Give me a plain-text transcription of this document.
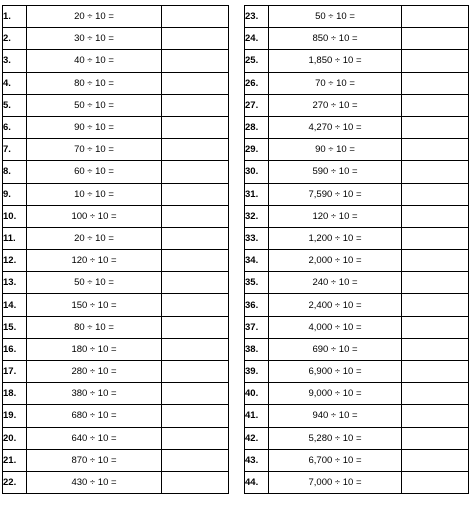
1.	20 ÷ 10 =	
2.	30 ÷ 10 =	
3.	40 ÷ 10 =	
4.	80 ÷ 10 =	
5.	50 ÷ 10 =	
6.	90 ÷ 10 =	
7.	70 ÷ 10 =	
8.	60 ÷ 10 =	
9.	10 ÷ 10 =	
10.	100 ÷ 10 =	
11.	20 ÷ 10 =	
12.	120 ÷ 10 =	
13.	50 ÷ 10 =	
14.	150 ÷ 10 =	
15.	80 ÷ 10 =	
16.	180 ÷ 10 =	
17.	280 ÷ 10 =	
18.	380 ÷ 10 =	
19.	680 ÷ 10 =	
20.	640 ÷ 10 =	
21.	870 ÷ 10 =	
22.	430 ÷ 10 =	
23.	50 ÷ 10 =	
24.	850 ÷ 10 =	
25.	1,850 ÷ 10 =	
26.	70 ÷ 10 =	
27.	270 ÷ 10 =	
28.	4,270 ÷ 10 =	
29.	90 ÷ 10 =	
30.	590 ÷ 10 =	
31.	7,590 ÷ 10 =	
32.	120 ÷ 10 =	
33.	1,200 ÷ 10 =	
34.	2,000 ÷ 10 =	
35.	240 ÷ 10 =	
36.	2,400 ÷ 10 =	
37.	4,000 ÷ 10 =	
38.	690 ÷ 10 =	
39.	6,900 ÷ 10 =	
40.	9,000 ÷ 10 =	
41.	940 ÷ 10 =	
42.	5,280 ÷ 10 =	
43.	6,700 ÷ 10 =	
44.	7,000 ÷ 10 =	
